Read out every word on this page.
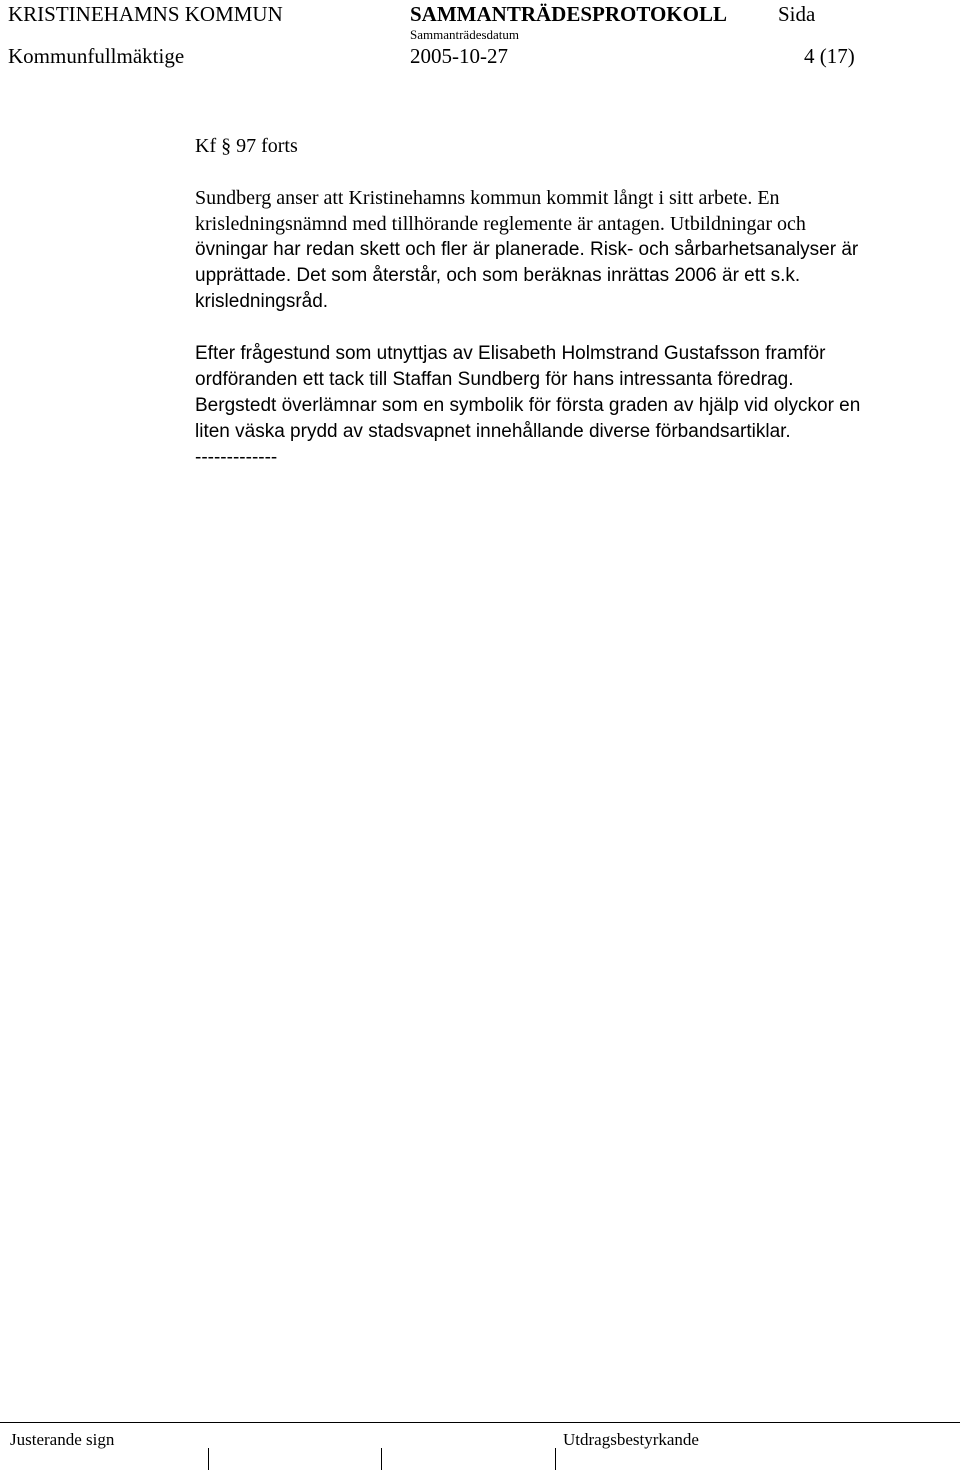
KRISTINEHAMNS KOMMUN	SAMMANTRÄDESPROTOKOLL Sida
Sammanträdesdatum
Kommunfullmäktige	2005-10-27	4 (17)

Kf § 97 forts

Sundberg anser att Kristinehamns kommun kommit långt i sitt arbete. En

krisledningsnämnd med tillhörande reglemente är antagen. Utbildningar och

övningar har redan skett och fler är planerade. Risk- och sårbarhetsanalyser är

upprättade. Det som återstår, och som beräknas inrättas 2006 är ett s.k.

krisledningsråd.

Efter frågestund som utnyttjas av Elisabeth Holmstrand Gustafsson framför

ordföranden ett tack till Staffan Sundberg för hans intressanta föredrag.

Bergstedt överlämnar som en symbolik för första graden av hjälp vid olyckor en

liten väska prydd av stadsvapnet innehållande diverse förbandsartiklar.

-------------

Justerande sign	Utdragsbestyrkande
